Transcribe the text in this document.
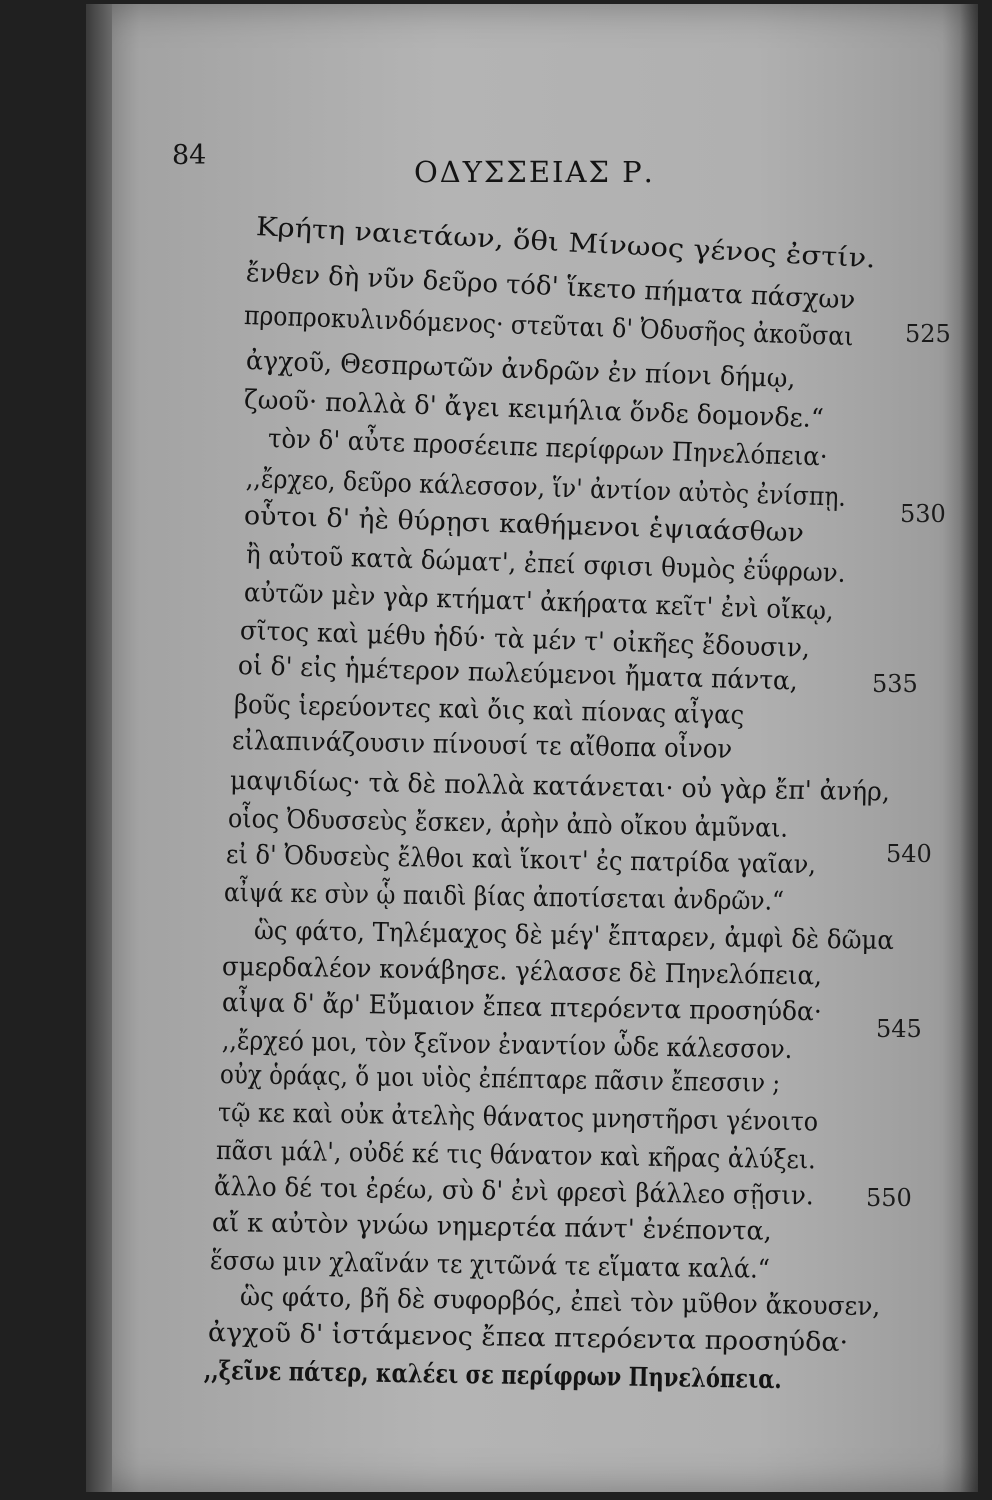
84	ΟΔΥΣΣΕΙΑΣ Ρ.
Κρήτη ναιετάων, ὅθι Μίνωος γένος ἐστίν.
ἔνθεν δὴ νῦν δεῦρο τόδ' ἵκετο πήματα πάσχων
προπροκυλινδόμενος· στεῦται δ' Ὀδυσῆος ἀκοῦσαι 525
ἀγχοῦ, Θεσπρωτῶν ἀνδρῶν ἐν πίονι δήμῳ,
ζωοῦ· πολλὰ δ' ἄγει κειμήλια ὅνδε δομονδε.“
τὸν δ' αὖτε προσέειπε περίφρων Πηνελόπεια·
,,ἔρχεο, δεῦρο κάλεσσον, ἵν' ἀντίον αὐτὸς ἐνίσπῃ.
οὗτοι δ' ἠὲ θύρῃσι καθήμενοι ἑψιαάσθων	530
ἢ αὐτοῦ κατὰ δώματ', ἐπεί σφισι θυμὸς ἐΰφρων.
αὐτῶν μὲν γὰρ κτήματ' ἀκήρατα κεῖτ' ἐνὶ οἴκῳ,
σῖτος καὶ μέθυ ἡδύ· τὰ μέν τ' οἰκῆες ἔδουσιν,
οἱ δ' εἰς ἡμέτερον πωλεύμενοι ἤματα πάντα,
βοῦς ἱερεύοντες καὶ ὄις καὶ πίονας αἶγας
535
εἰλαπινάζουσιν πίνουσί τε αἴθοπα οἶνον
μαψιδίως· τὰ δὲ πολλὰ κατάνεται· οὐ γὰρ ἔπ' ἀνήρ,
οἷος Ὀδυσσεὺς ἔσκεν, ἀρὴν ἀπὸ οἴκου ἀμῦναι.
εἰ δ' Ὀδυσεὺς ἔλθοι καὶ ἵκοιτ' ἐς πατρίδα γαῖαν,
αἶψά κε σὺν ᾧ παιδὶ βίας ἀποτίσεται ἀνδρῶν.“
540
ὣς φάτο, Τηλέμαχος δὲ μέγ' ἔπταρεν, ἀμφὶ δὲ δῶμα
σμερδαλέον κονάβησε. γέλασσε δὲ Πηνελόπεια,
αἶψα δ' ἄρ' Εὔμαιον ἔπεα πτερόεντα προσηύδα·
,,ἔρχεό μοι, τὸν ξεῖνον ἐναντίον ὧδε κάλεσσον.
οὐχ ὁράᾳς, ὅ μοι υἱὸς ἐπέπταρε πᾶσιν ἔπεσσιν ;
545
τῷ κε καὶ οὐκ ἀτελὴς θάνατος μνηστῆρσι γένοιτο
πᾶσι μάλ', οὐδέ κέ τις θάνατον καὶ κῆρας ἀλύξει.
ἄλλο δέ τοι ἐρέω, σὺ δ' ἐνὶ φρεσὶ βάλλεο σῇσιν.
αἴ κ αὐτὸν γνώω νημερτέα πάντ' ἐνέποντα,
ἕσσω μιν χλαῖνάν τε χιτῶνά τε εἵματα καλά.“
550
ὣς φάτο, βῆ δὲ συφορβός, ἐπεὶ τὸν μῦθον ἄκουσεν,
ἀγχοῦ δ' ἱστάμενος ἔπεα πτερόεντα προσηύδα·
,,ξεῖνε πάτερ, καλέει σε περίφρων Πηνελόπεια.
